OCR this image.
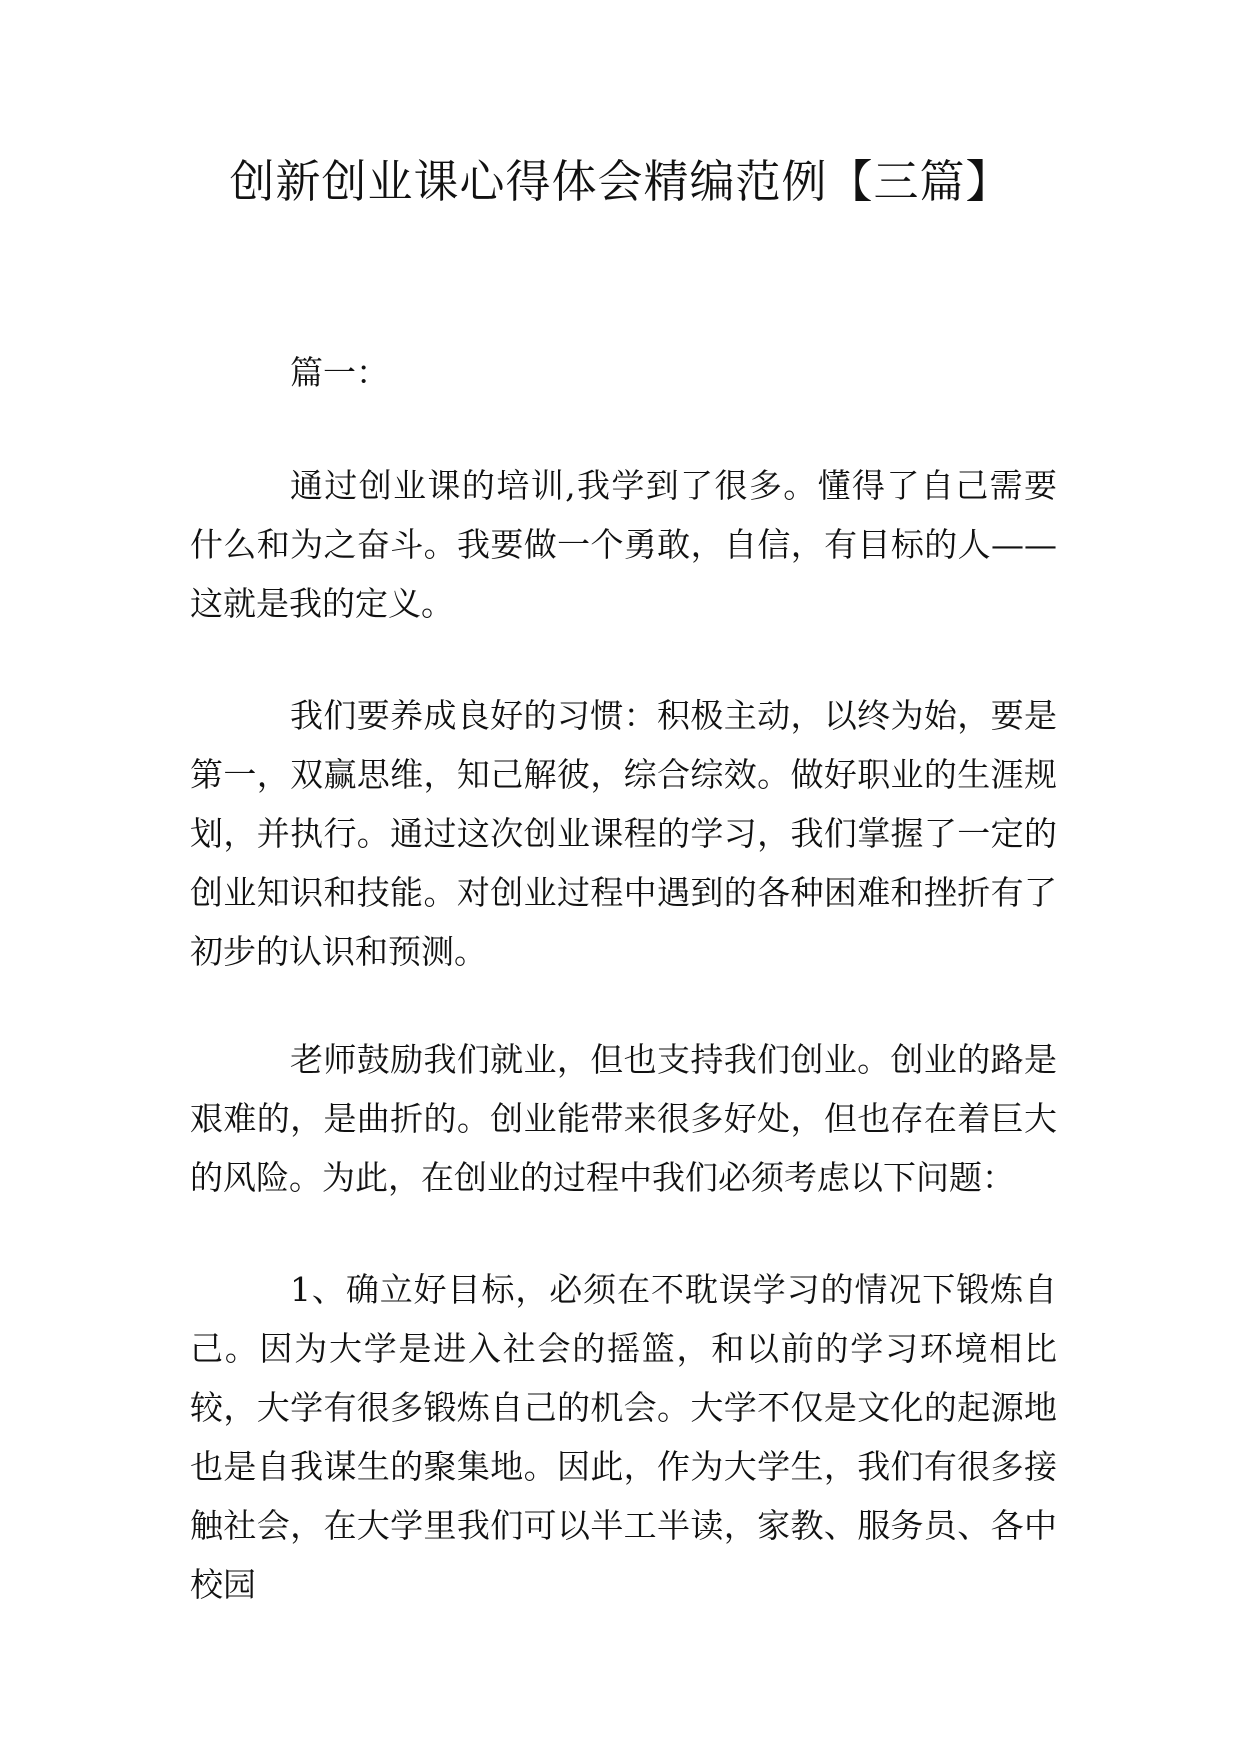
创新创业课心得体会精编范例【三篇】

篇一：

通过创业课的培训,我学到了很多。懂得了自己需要什么和为之奋斗。我要做一个勇敢，自信，有目标的人——这就是我的定义。

我们要养成良好的习惯：积极主动，以终为始，要是第一，双赢思维，知己解彼，综合综效。做好职业的生涯规划，并执行。通过这次创业课程的学习，我们掌握了一定的创业知识和技能。对创业过程中遇到的各种困难和挫折有了初步的认识和预测。

老师鼓励我们就业，但也支持我们创业。创业的路是艰难的，是曲折的。创业能带来很多好处，但也存在着巨大的风险。为此，在创业的过程中我们必须考虑以下问题：

1、确立好目标，必须在不耽误学习的情况下锻炼自己。因为大学是进入社会的摇篮，和以前的学习环境相比较，大学有很多锻炼自己的机会。大学不仅是文化的起源地也是自我谋生的聚集地。因此，作为大学生，我们有很多接触社会，在大学里我们可以半工半读，家教、服务员、各中校园
